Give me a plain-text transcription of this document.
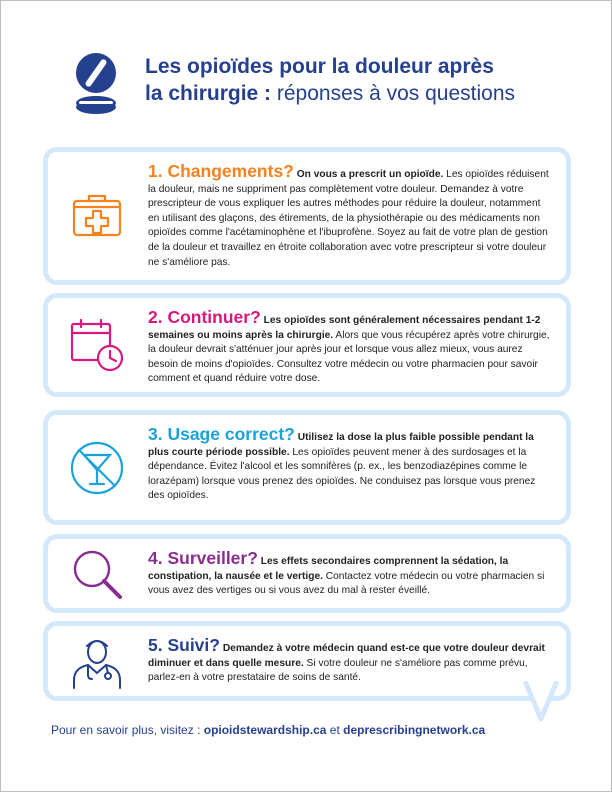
Les opioïdes pour la douleur après
la chirurgie : réponses à vos questions
1. Changements? On vous a prescrit un opioïde. Les opioïdes réduisent la douleur, mais ne suppriment pas complètement votre douleur. Demandez à votre prescripteur de vous expliquer les autres méthodes pour réduire la douleur, notamment en utilisant des glaçons, des étirements, de la physiothérapie ou des médicaments non opioïdes comme l'acétaminophène et l'ibuprofène. Soyez au fait de votre plan de gestion de la douleur et travaillez en étroite collaboration avec votre prescripteur si votre douleur ne s'améliore pas.
2. Continuer? Les opioïdes sont généralement nécessaires pendant 1-2 semaines ou moins après la chirurgie. Alors que vous récupérez après votre chirurgie, la douleur devrait s'atténuer jour après jour et lorsque vous allez mieux, vous aurez besoin de moins d'opioïdes. Consultez votre médecin ou votre pharmacien pour savoir comment et quand réduire votre dose.
3. Usage correct? Utilisez la dose la plus faible possible pendant la plus courte période possible. Les opioïdes peuvent mener à des surdosages et la dépendance. Évitez l'alcool et les somnifères (p. ex., les benzodiazépines comme le lorazépam) lorsque vous prenez des opioïdes. Ne conduisez pas lorsque vous prenez des opioïdes.
4. Surveiller? Les effets secondaires comprennent la sédation, la constipation, la nausée et le vertige. Contactez votre médecin ou votre pharmacien si vous avez des vertiges ou si vous avez du mal à rester éveillé.
5. Suivi? Demandez à votre médecin quand est-ce que votre douleur devrait diminuer et dans quelle mesure. Si votre douleur ne s'améliore pas comme prévu, parlez-en à votre prestataire de soins de santé.
Pour en savoir plus, visitez : opioidstewardship.ca et deprescribingnetwork.ca
